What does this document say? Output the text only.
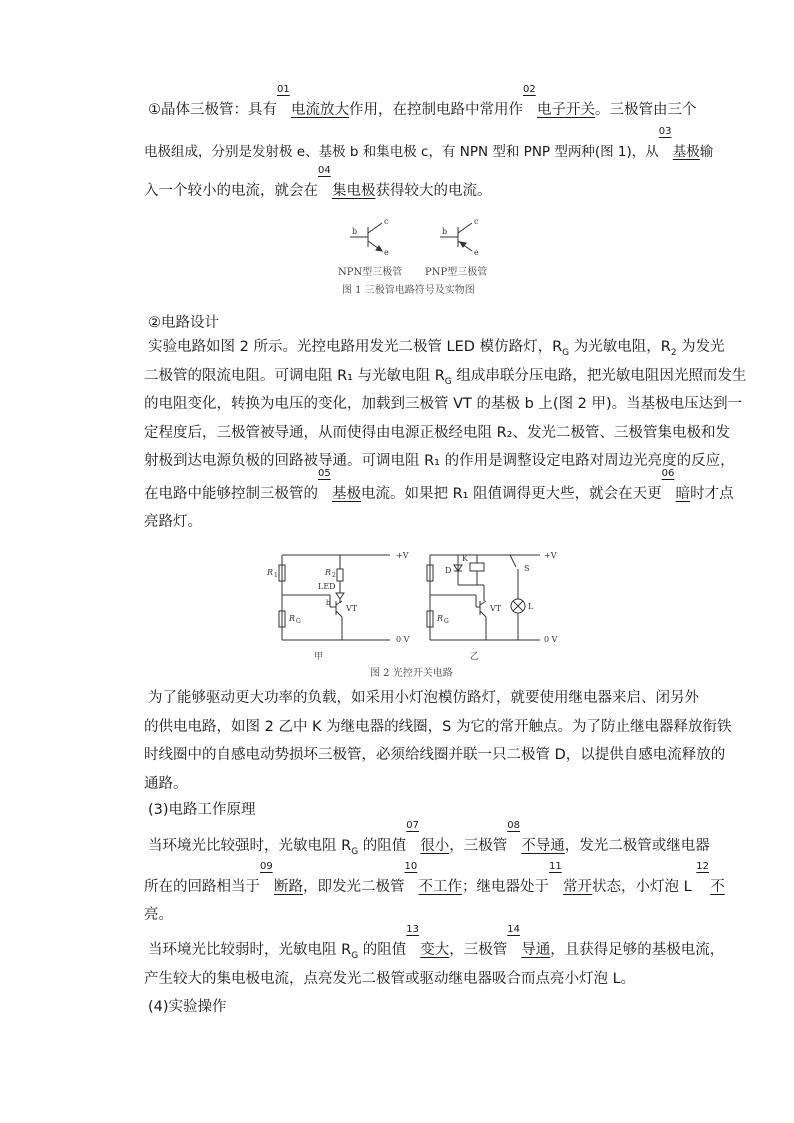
①晶体三极管：具有
01
电流放大作用，在控制电路中常用作
02
电子开关。三极管由三个
电极组成，分别是发射极 e、基极 b 和集电极 c，有 NPN 型和 PNP 型两种(图 1)，从
03
基极输
入一个较小的电流，就会在
04
集电极获得较大的电流。
b
c
e
b
c
e
NPN型三极管 PNP型三极管
图 1 三极管电路符号及实物图
②电路设计
实验电路如图 2 所示。光控电路用发光二极管 LED 模仿路灯，$R_G$ 为光敏电阻，$R_2$ 为发光
二极管的限流电阻。可调电阻 R₁ 与光敏电阻 $R_G$ 组成串联分压电路，把光敏电阻因光照而发生
的电阻变化，转换为电压的变化，加载到三极管 VT 的基极 b 上(图 2 甲)。当基极电压达到一
定程度后，三极管被导通，从而使得由电源正极经电阻 R₂、发光二极管、三极管集电极和发
射极到达电源负极的回路被导通。可调电阻 R₁ 的作用是调整设定电路对周边光亮度的反应，
在电路中能够控制三极管的
05
基极电流。如果把 R₁ 阻值调得更大些，就会在天更
06
暗时才点
亮路灯。
+V
0 V
R 1	R 2
LED
R G
b
VT
甲
+V
0 V
D
K
S
L
R G
VT
乙
图 2 光控开关电路
为了能够驱动更大功率的负载，如采用小灯泡模仿路灯，就要使用继电器来启、闭另外
的供电电路，如图 2 乙中 K 为继电器的线圈，S 为它的常开触点。为了防止继电器释放衔铁
时线圈中的自感电动势损坏三极管，必须给线圈并联一只二极管 D，以提供自感电流释放的
通路。
(3)电路工作原理
当环境光比较强时，光敏电阻 $R_G$ 的阻值
07
很小，三极管
08
不导通，发光二极管或继电器
所在的回路相当于
09
断路，即发光二极管
10
不工作；继电器处于
11
常开状态，小灯泡 L
12
不
亮。
当环境光比较弱时，光敏电阻 $R_G$ 的阻值
13
变大，三极管
14
导通，且获得足够的基极电流，
产生较大的集电极电流，点亮发光二极管或驱动继电器吸合而点亮小灯泡 L。
(4)实验操作
